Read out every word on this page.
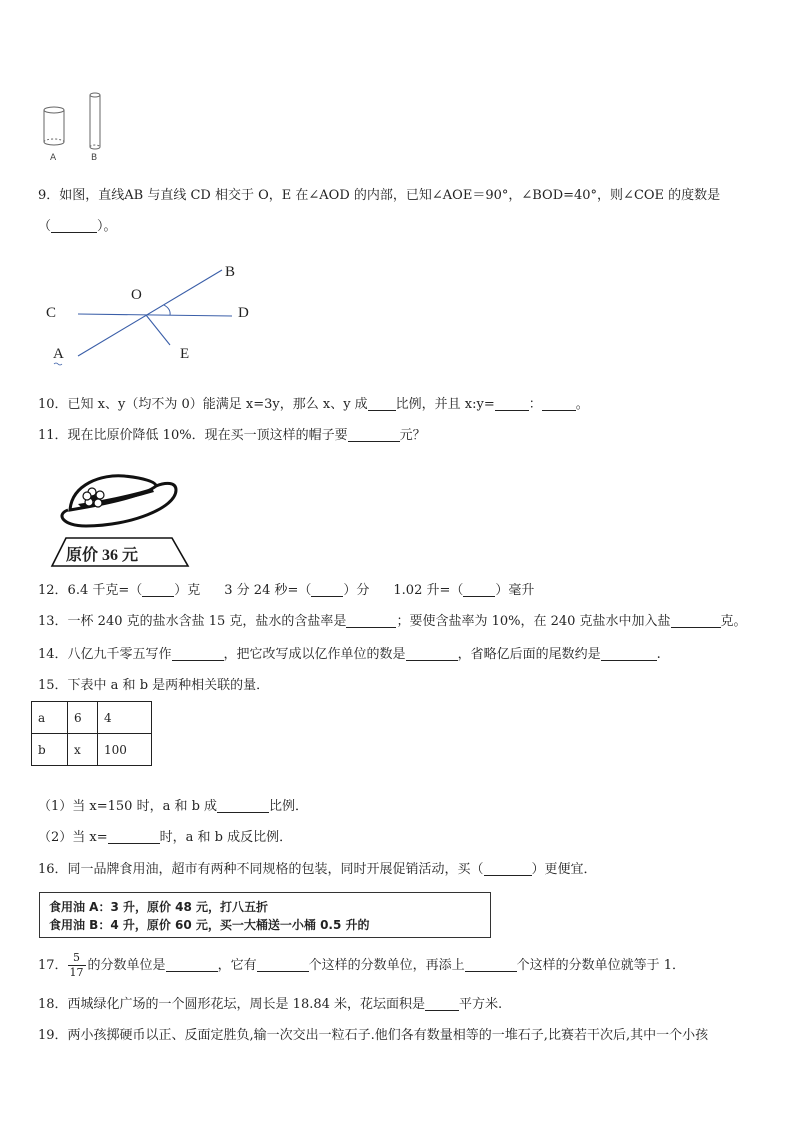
A	B
9．如图，直线AB 与直线 CD 相交于 O，E 在∠AOD 的内部，已知∠AOE＝90°，∠BOD=40°，则∠COE 的度数是
（	）。
B
O
C	D
A	E
10．已知 x、y（均不为 0）能满足 x=3y，那么 x、y 成 比例，并且 x:y=	：	。
11．现在比原价降低 10%．现在买一顶这样的帽子要	元？
原价 36 元
12．6.4 千克=（ ）克 3 分 24 秒=（ ）分 1.02 升=（ ）毫升
13．一杯 240 克的盐水含盐 15 克，盐水的含盐率是	；要使含盐率为 10%，在 240 克盐水中加入盐	克。
14．八亿九千零五写作	，把它改写成以亿作单位的数是	，省略亿后面的尾数约是	.
15．下表中 a 和 b 是两种相关联的量．
a	6	4
b	x	100
（1）当 x=150 时，a 和 b 成	比例．
（2）当 x=	时，a 和 b 成反比例．
16．同一品牌食用油，超市有两种不同规格的包装，同时开展促销活动，买（	）更便宜．
食用油 A：3 升，原价 48 元，打八五折
食用油 B：4 升，原价 60 元，买一大桶送一小桶 0.5 升的
17． $\frac{5}{17}$ 的分数单位是	，它有	个这样的分数单位，再添上	个这样的分数单位就等于 1．
18．西城绿化广场的一个圆形花坛，周长是 18.84 米，花坛面积是	平方米.
19．两小孩掷硬币以正、反面定胜负,输一次交出一粒石子.他们各有数量相等的一堆石子,比赛若干次后,其中一个小孩
